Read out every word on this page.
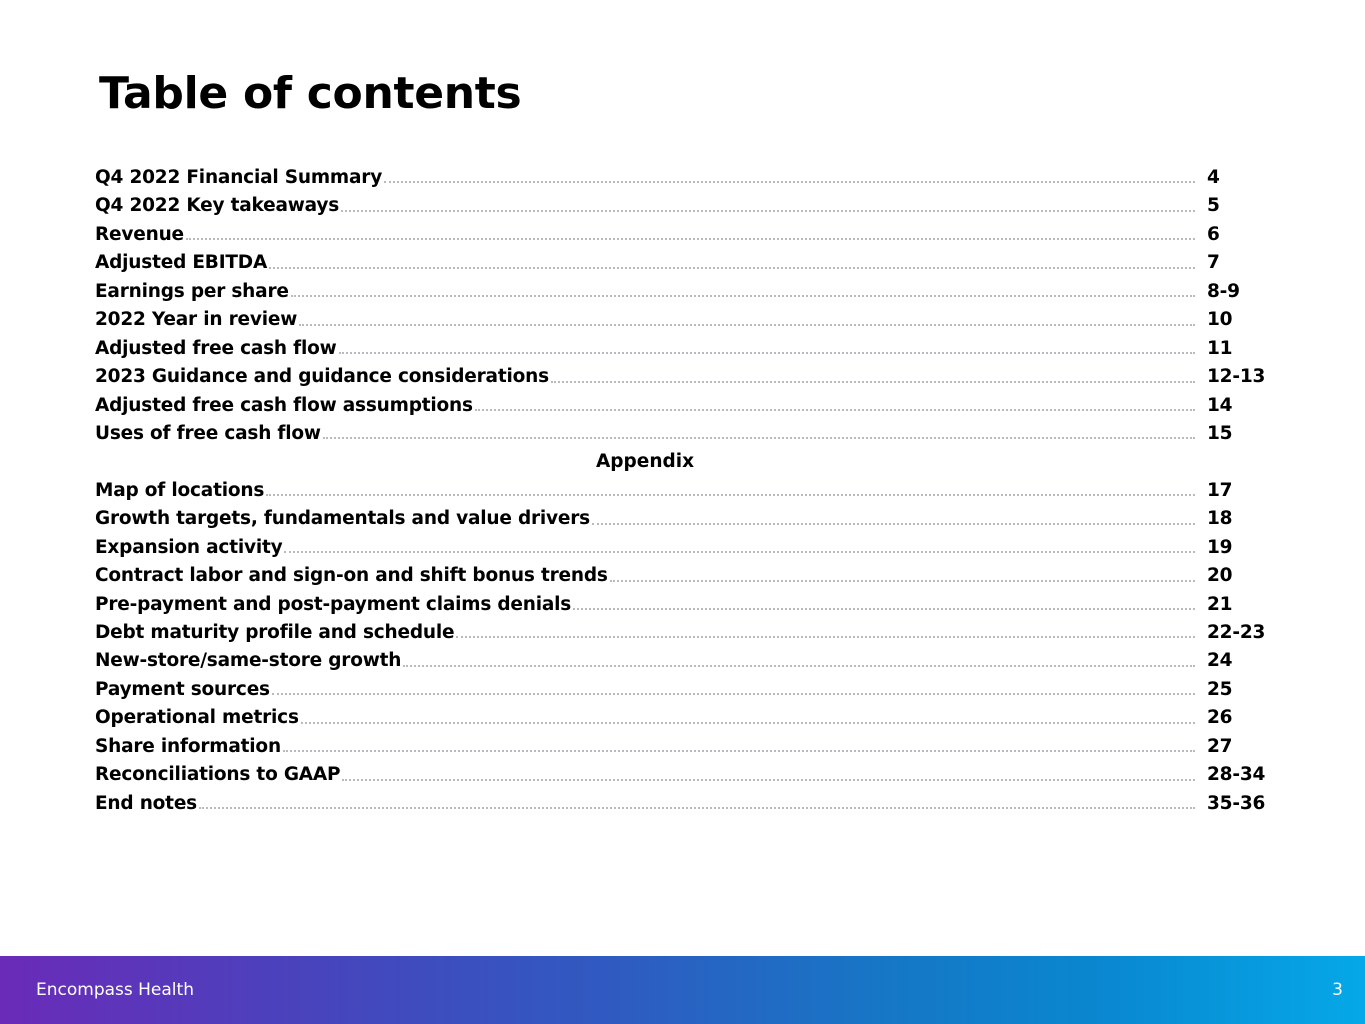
Table of contents
Q4 2022 Financial Summary	4
Q4 2022 Key takeaways	5
Revenue	6
Adjusted EBITDA	7
Earnings per share	8-9
2022 Year in review	10
Adjusted free cash flow	11
2023 Guidance and guidance considerations	12-13
Adjusted free cash flow assumptions	14
Uses of free cash flow	15
Appendix
Map of locations	17
Growth targets, fundamentals and value drivers	18
Expansion activity	19
Contract labor and sign-on and shift bonus trends	20
Pre-payment and post-payment claims denials	21
Debt maturity profile and schedule	22-23
New-store/same-store growth	24
Payment sources	25
Operational metrics	26
Share information	27
Reconciliations to GAAP	28-34
End notes	35-36
Encompass Health	3
